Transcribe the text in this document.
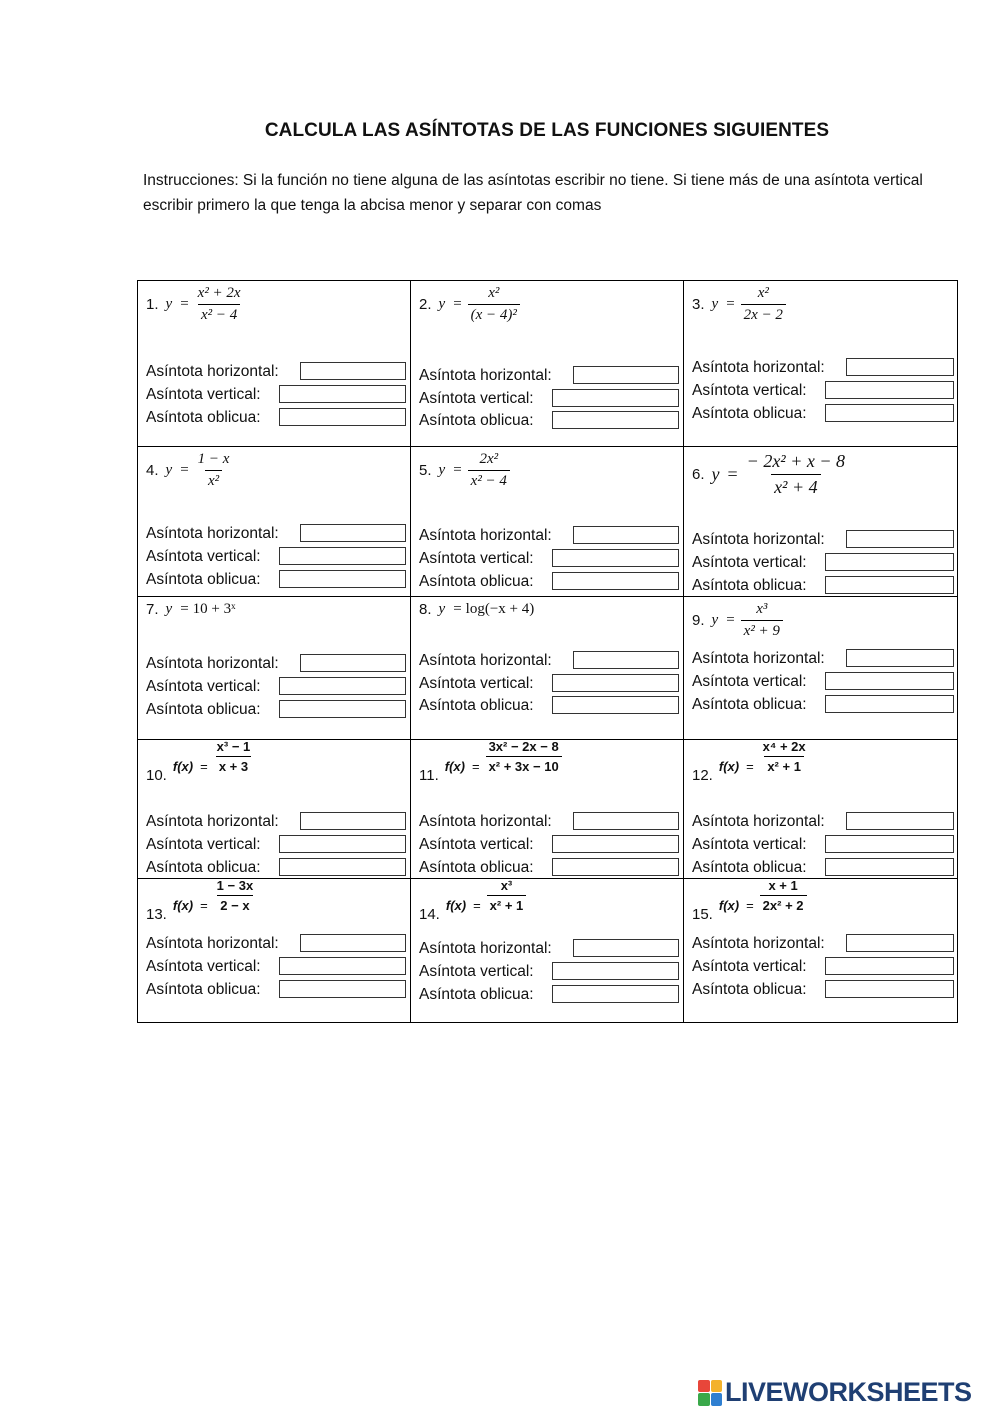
CALCULA LAS ASÍNTOTAS DE LAS FUNCIONES SIGUIENTES
Instrucciones: Si la función no tiene alguna de las asíntotas escribir no tiene. Si tiene más de una asíntota vertical escribir primero la que tenga la abcisa menor y separar con comas
1. $y = \frac{\text{x² + 2x}}{\text{x² − 4}}$
Asíntota horizontal:
Asíntota vertical:
Asíntota oblicua:
2. $y = \frac{\text{x²}}{\text{(x − 4)²}}$
Asíntota horizontal:
Asíntota vertical:
Asíntota oblicua:
3. $y = \frac{\text{x²}}{2x - 2}$
Asíntota horizontal:
Asíntota vertical:
Asíntota oblicua:
4. $y = \frac{1 - x}{\text{x²}}$
Asíntota horizontal:
Asíntota vertical:
Asíntota oblicua:
5. $y = \frac{\text{2x²}}{\text{x² − 4}}$
Asíntota horizontal:
Asíntota vertical:
Asíntota oblicua:
6. $y = \frac{\text{− 2x² + x − 8}}{\text{x² + 4}}$
Asíntota horizontal:
Asíntota vertical:
Asíntota oblicua:
7. y = 10 + 3ˣ
Asíntota horizontal:
Asíntota vertical:
Asíntota oblicua:
8. y = log(−x + 4)
Asíntota horizontal:
Asíntota vertical:
Asíntota oblicua:
9. $y = \frac{\text{x³}}{\text{x² + 9}}$
Asíntota horizontal:
Asíntota vertical:
Asíntota oblicua:
10.
$f(x) = \frac{\text{x³ − 1}}{x + 3}$
Asíntota horizontal:
Asíntota vertical:
Asíntota oblicua:
11.
$f(x) = \frac{\text{3x² − 2x − 8}}{\text{x² + 3x − 10}}$
Asíntota horizontal:
Asíntota vertical:
Asíntota oblicua:
12.
$f(x) = \frac{\text{x⁴ + 2x}}{\text{x² + 1}}$
Asíntota horizontal:
Asíntota vertical:
Asíntota oblicua:
13.
$f(x) = \frac{1 - 3x}{2 - x}$
Asíntota horizontal:
Asíntota vertical:
Asíntota oblicua:
14.
$f(x) = \frac{\text{x³}}{\text{x² + 1}}$
Asíntota horizontal:
Asíntota vertical:
Asíntota oblicua:
15.
$f(x) = \frac{x + 1}{\text{2x² + 2}}$
Asíntota horizontal:
Asíntota vertical:
Asíntota oblicua:
LIVEWORKSHEETS
